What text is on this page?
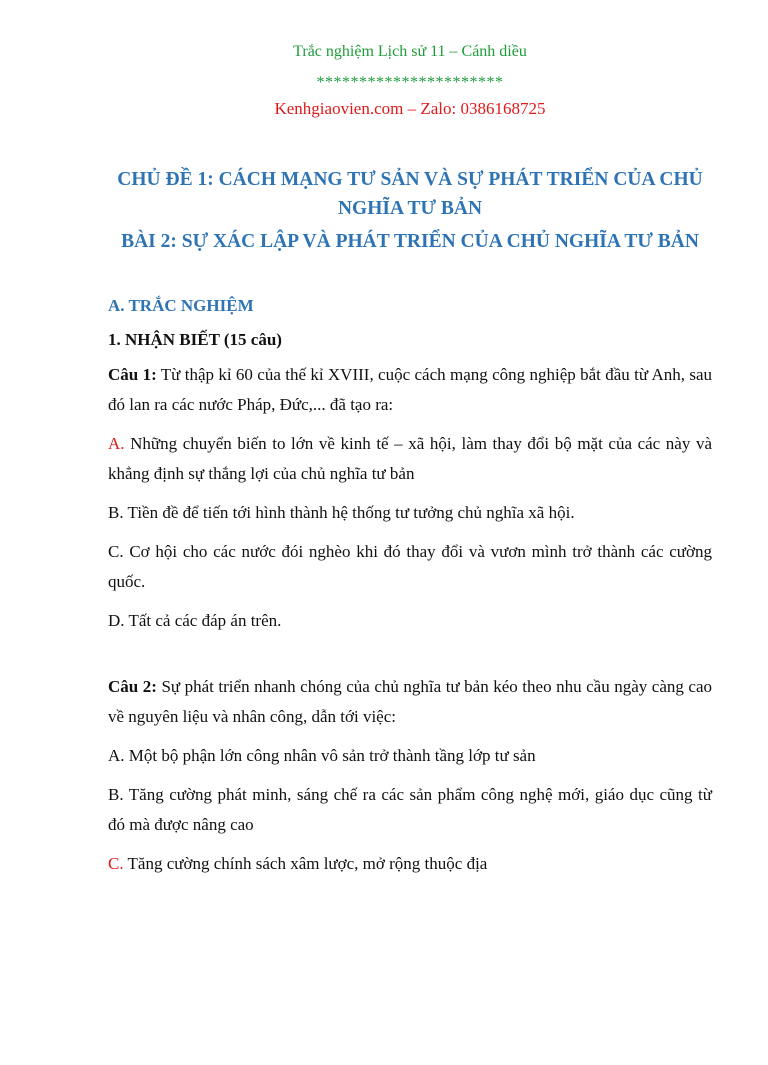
Trắc nghiệm Lịch sử 11 – Cánh diều
**********************
Kenhgiaovien.com – Zalo: 0386168725
CHỦ ĐỀ 1: CÁCH MẠNG TƯ SẢN VÀ SỰ PHÁT TRIỂN CỦA CHỦ NGHĨA TƯ BẢN
BÀI 2: SỰ XÁC LẬP VÀ PHÁT TRIỂN CỦA CHỦ NGHĨA TƯ BẢN
A. TRẮC NGHIỆM
1. NHẬN BIẾT (15 câu)

Câu 1: Từ thập kỉ 60 của thế kỉ XVIII, cuộc cách mạng công nghiệp bắt đầu từ Anh, sau đó lan ra các nước Pháp, Đức,... đã tạo ra:

A. Những chuyển biến to lớn về kinh tế – xã hội, làm thay đổi bộ mặt của các này và khẳng định sự thắng lợi của chủ nghĩa tư bản

B. Tiền đề để tiến tới hình thành hệ thống tư tưởng chủ nghĩa xã hội.

C. Cơ hội cho các nước đói nghèo khi đó thay đổi và vươn mình trở thành các cường quốc.

D. Tất cả các đáp án trên.

Câu 2: Sự phát triển nhanh chóng của chủ nghĩa tư bản kéo theo nhu cầu ngày càng cao về nguyên liệu và nhân công, dẫn tới việc:

A. Một bộ phận lớn công nhân vô sản trở thành tầng lớp tư sản

B. Tăng cường phát minh, sáng chế ra các sản phẩm công nghệ mới, giáo dục cũng từ đó mà được nâng cao

C. Tăng cường chính sách xâm lược, mở rộng thuộc địa
